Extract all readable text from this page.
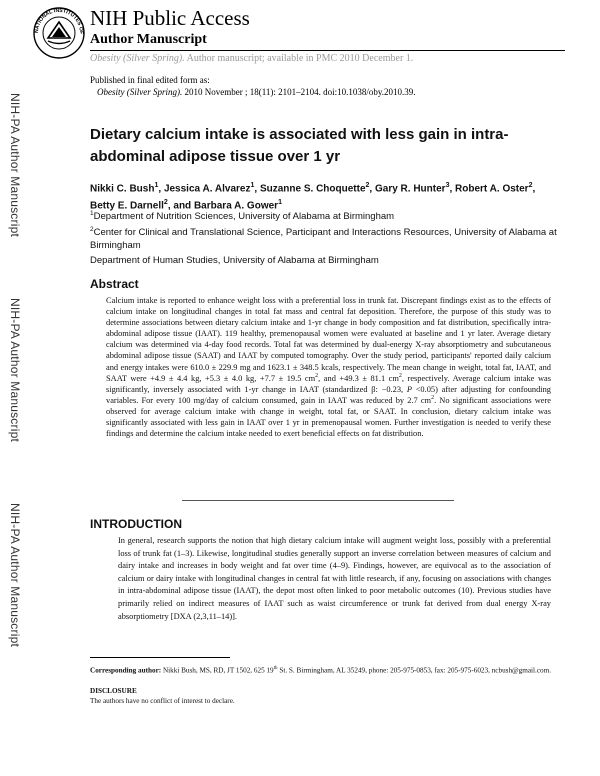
NATIONAL INSTITUTES OF
NIH Public Access
Author Manuscript
Obesity (Silver Spring). Author manuscript; available in PMC 2010 December 1.
Published in final edited form as:
Obesity (Silver Spring). 2010 November ; 18(11): 2101–2104. doi:10.1038/oby.2010.39.
NIH-PA Author Manuscript
NIH-PA Author Manuscript
NIH-PA Author Manuscript
Dietary calcium intake is associated with less gain in intra-abdominal adipose tissue over 1 yr
Nikki C. Bush$^1$, Jessica A. Alvarez$^1$, Suzanne S. Choquette$^2$, Gary R. Hunter$^3$, Robert A. Oster$^2$, Betty E. Darnell$^2$, and Barbara A. Gower$^1$
$^1$Department of Nutrition Sciences, University of Alabama at Birmingham
$^2$Center for Clinical and Translational Science, Participant and Interactions Resources, University of Alabama at Birmingham
Department of Human Studies, University of Alabama at Birmingham
Abstract
Calcium intake is reported to enhance weight loss with a preferential loss in trunk fat. Discrepant findings exist as to the effects of calcium intake on longitudinal changes in total fat mass and central fat deposition. Therefore, the purpose of this study was to determine associations between dietary calcium intake and 1-yr change in body composition and fat distribution, specifically intra-abdominal adipose tissue (IAAT). 119 healthy, premenopausal women were evaluated at baseline and 1 yr later. Average dietary calcium was determined via 4-day food records. Total fat was determined by dual-energy X-ray absorptiometry and subcutaneous abdominal adipose tissue (SAAT) and IAAT by computed tomography. Over the study period, participants' reported daily calcium and energy intakes were 610.0 ± 229.9 mg and 1623.1 ± 348.5 kcals, respectively. The mean change in weight, total fat, IAAT, and SAAT were +4.9 ± 4.4 kg, +5.3 ± 4.0 kg, +7.7 ± 19.5 $cm^2$, and +49.3 ± 81.1 $cm^2$, respectively. Average calcium intake was significantly, inversely associated with 1-yr change in IAAT (standardized β: −0.23, P <0.05) after adjusting for confounding variables. For every 100 mg/day of calcium consumed, gain in IAAT was reduced by 2.7 $cm^2$. No significant associations were observed for average calcium intake with change in weight, total fat, or SAAT. In conclusion, dietary calcium intake was significantly associated with less gain in IAAT over 1 yr in premenopausal women. Further investigation is needed to verify these findings and determine the calcium intake needed to exert beneficial effects on fat distribution.
INTRODUCTION
In general, research supports the notion that high dietary calcium intake will augment weight loss, possibly with a preferential loss of trunk fat (1–3). Likewise, longitudinal studies generally support an inverse correlation between measures of calcium and dairy intake and increases in body weight and fat over time (4–9). Findings, however, are equivocal as to the association of calcium or dairy intake with longitudinal changes in central fat with little research, if any, focusing on associations with changes in intra-abdominal adipose tissue (IAAT), the depot most often linked to poor metabolic outcomes (10). Previous studies have primarily relied on indirect measures of IAAT such as waist circumference or trunk fat derived from dual energy X-ray absorptiometry [DXA (2,3,11–14)].
Corresponding author: Nikki Bush, MS, RD, JT 1502, 625 19th St. S. Birmingham, AL 35249, phone: 205-975-0853, fax: 205-975-6023, ncbush@gmail.com.
DISCLOSURE
The authors have no conflict of interest to declare.
